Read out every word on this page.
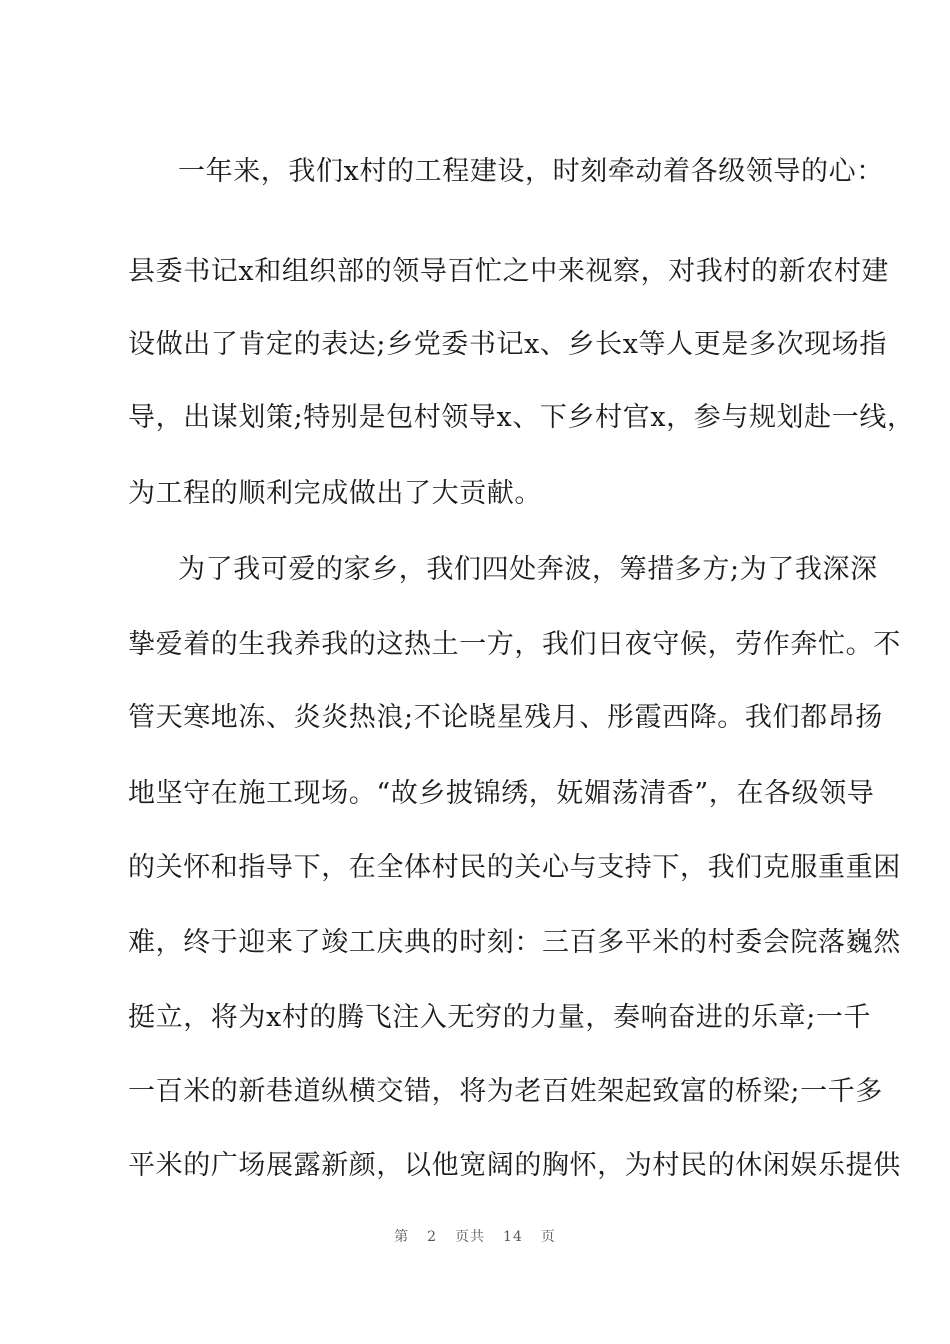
一年来，我们x村的工程建设，时刻牵动着各级领导的心：
县委书记x和组织部的领导百忙之中来视察，对我村的新农村建
设做出了肯定的表达;乡党委书记x、乡长x等人更是多次现场指
导，出谋划策;特别是包村领导x、下乡村官x，参与规划赴一线，
为工程的顺利完成做出了大贡献。
为了我可爱的家乡，我们四处奔波，筹措多方;为了我深深
挚爱着的生我养我的这热土一方，我们日夜守候，劳作奔忙。不
管天寒地冻、炎炎热浪;不论晓星残月、彤霞西降。我们都昂扬
地坚守在施工现场。“故乡披锦绣，妩媚荡清香”，在各级领导
的关怀和指导下，在全体村民的关心与支持下，我们克服重重困
难，终于迎来了竣工庆典的时刻：三百多平米的村委会院落巍然
挺立，将为x村的腾飞注入无穷的力量，奏响奋进的乐章;一千
一百米的新巷道纵横交错，将为老百姓架起致富的桥梁;一千多
平米的广场展露新颜，以他宽阔的胸怀，为村民的休闲娱乐提供
第 2 页共 14 页
